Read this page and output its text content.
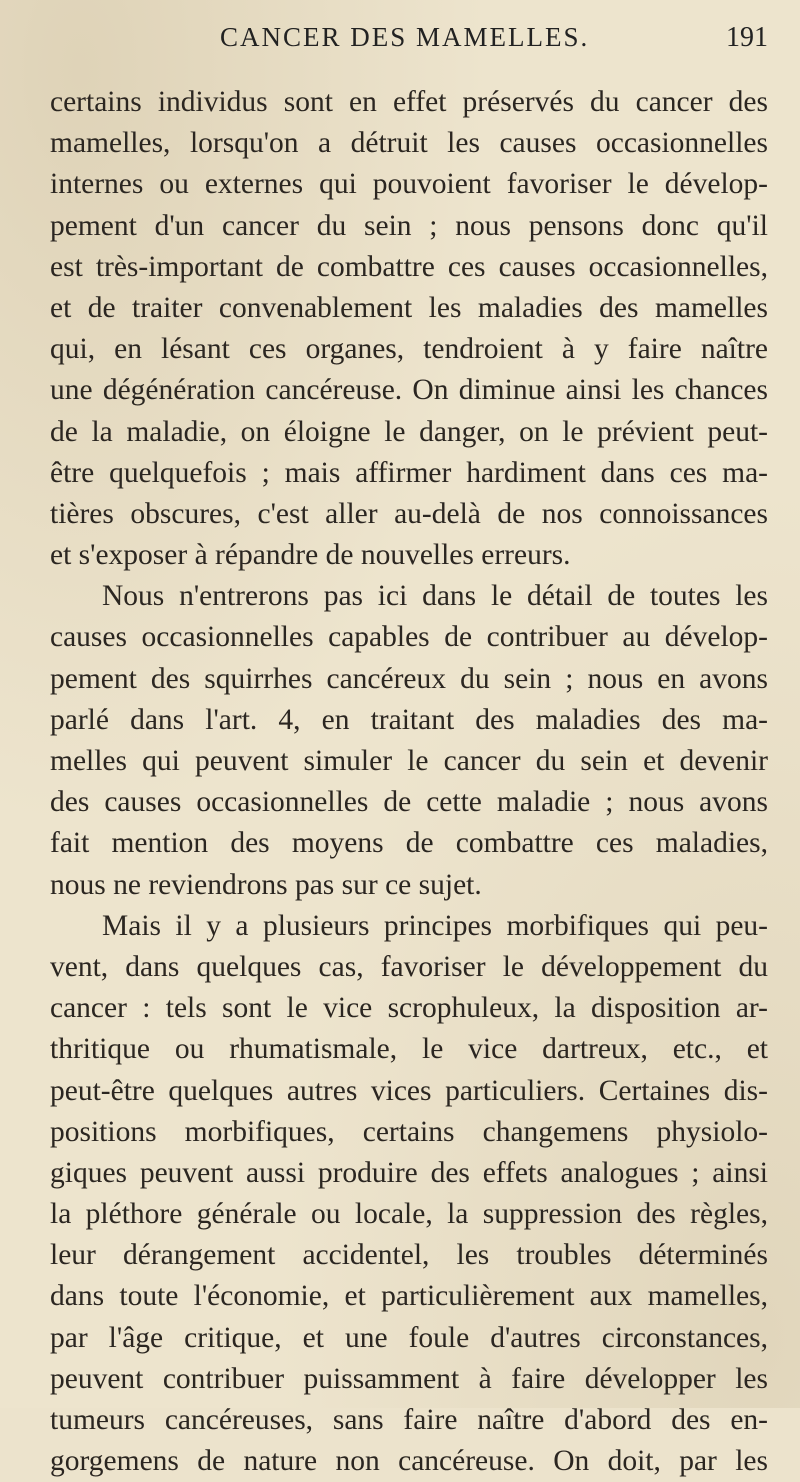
CANCER DES MAMELLES.	191
certains individus sont en effet préservés du cancer des
mamelles, lorsqu'on a détruit les causes occasionnelles
internes ou externes qui pouvoient favoriser le dévelop-
pement d'un cancer du sein ; nous pensons donc qu'il
est très-important de combattre ces causes occasionnelles,
et de traiter convenablement les maladies des mamelles
qui, en lésant ces organes, tendroient à y faire naître
une dégénération cancéreuse. On diminue ainsi les chances
de la maladie, on éloigne le danger, on le prévient peut-
être quelquefois ; mais affirmer hardiment dans ces ma-
tières obscures, c'est aller au-delà de nos connoissances
et s'exposer à répandre de nouvelles erreurs.
Nous n'entrerons pas ici dans le détail de toutes les
causes occasionnelles capables de contribuer au dévelop-
pement des squirrhes cancéreux du sein ; nous en avons
parlé dans l'art. 4, en traitant des maladies des ma-
melles qui peuvent simuler le cancer du sein et devenir
des causes occasionnelles de cette maladie ; nous avons
fait mention des moyens de combattre ces maladies,
nous ne reviendrons pas sur ce sujet.
Mais il y a plusieurs principes morbifiques qui peu-
vent, dans quelques cas, favoriser le développement du
cancer : tels sont le vice scrophuleux, la disposition ar-
thritique ou rhumatismale, le vice dartreux, etc., et
peut-être quelques autres vices particuliers. Certaines dis-
positions morbifiques, certains changemens physiolo-
giques peuvent aussi produire des effets analogues ; ainsi
la pléthore générale ou locale, la suppression des règles,
leur dérangement accidentel, les troubles déterminés
dans toute l'économie, et particulièrement aux mamelles,
par l'âge critique, et une foule d'autres circonstances,
peuvent contribuer puissamment à faire développer les
tumeurs cancéreuses, sans faire naître d'abord des en-
gorgemens de nature non cancéreuse. On doit, par les
